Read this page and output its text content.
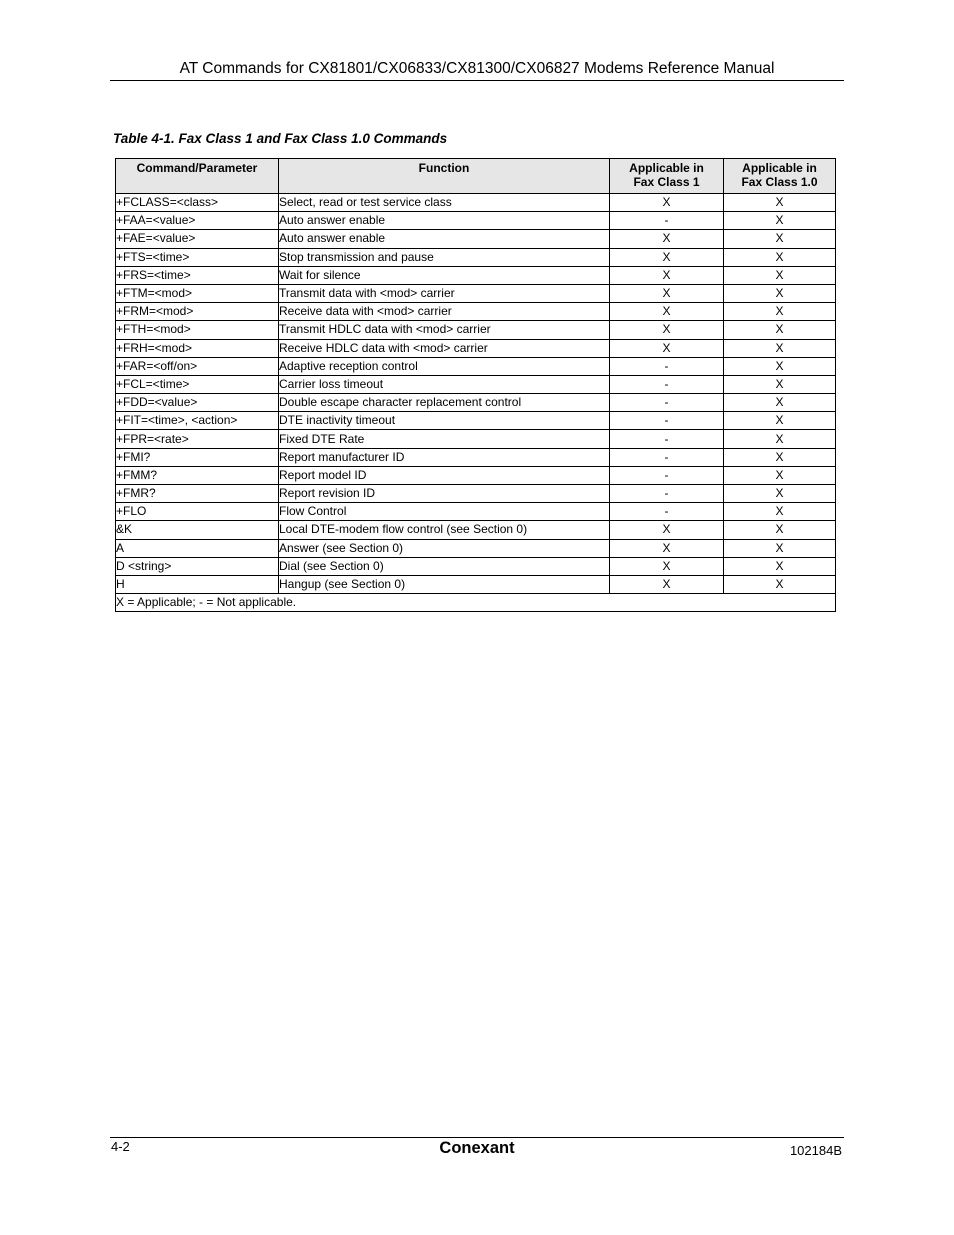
AT Commands for CX81801/CX06833/CX81300/CX06827 Modems Reference Manual
Table 4-1. Fax Class 1 and Fax Class 1.0 Commands
Command/Parameter	Function	Applicable in Fax Class 1	Applicable in Fax Class 1.0
+FCLASS=<class>	Select, read or test service class	X	X
+FAA=<value>	Auto answer enable	-	X
+FAE=<value>	Auto answer enable	X	X
+FTS=<time>	Stop transmission and pause	X	X
+FRS=<time>	Wait for silence	X	X
+FTM=<mod>	Transmit data with <mod> carrier	X	X
+FRM=<mod>	Receive data with <mod> carrier	X	X
+FTH=<mod>	Transmit HDLC data with <mod> carrier	X	X
+FRH=<mod>	Receive HDLC data with <mod> carrier	X	X
+FAR=<off/on>	Adaptive reception control	-	X
+FCL=<time>	Carrier loss timeout	-	X
+FDD=<value>	Double escape character replacement control	-	X
+FIT=<time>, <action>	DTE inactivity timeout	-	X
+FPR=<rate>	Fixed DTE Rate	-	X
+FMI?	Report manufacturer ID	-	X
+FMM?	Report model ID	-	X
+FMR?	Report revision ID	-	X
+FLO	Flow Control	-	X
&K	Local DTE-modem flow control (see Section 0)	X	X
A	Answer (see Section 0)	X	X
D <string>	Dial (see Section 0)	X	X
H	Hangup (see Section 0)	X	X
X = Applicable; - = Not applicable.			
4-2	Conexant	102184B
